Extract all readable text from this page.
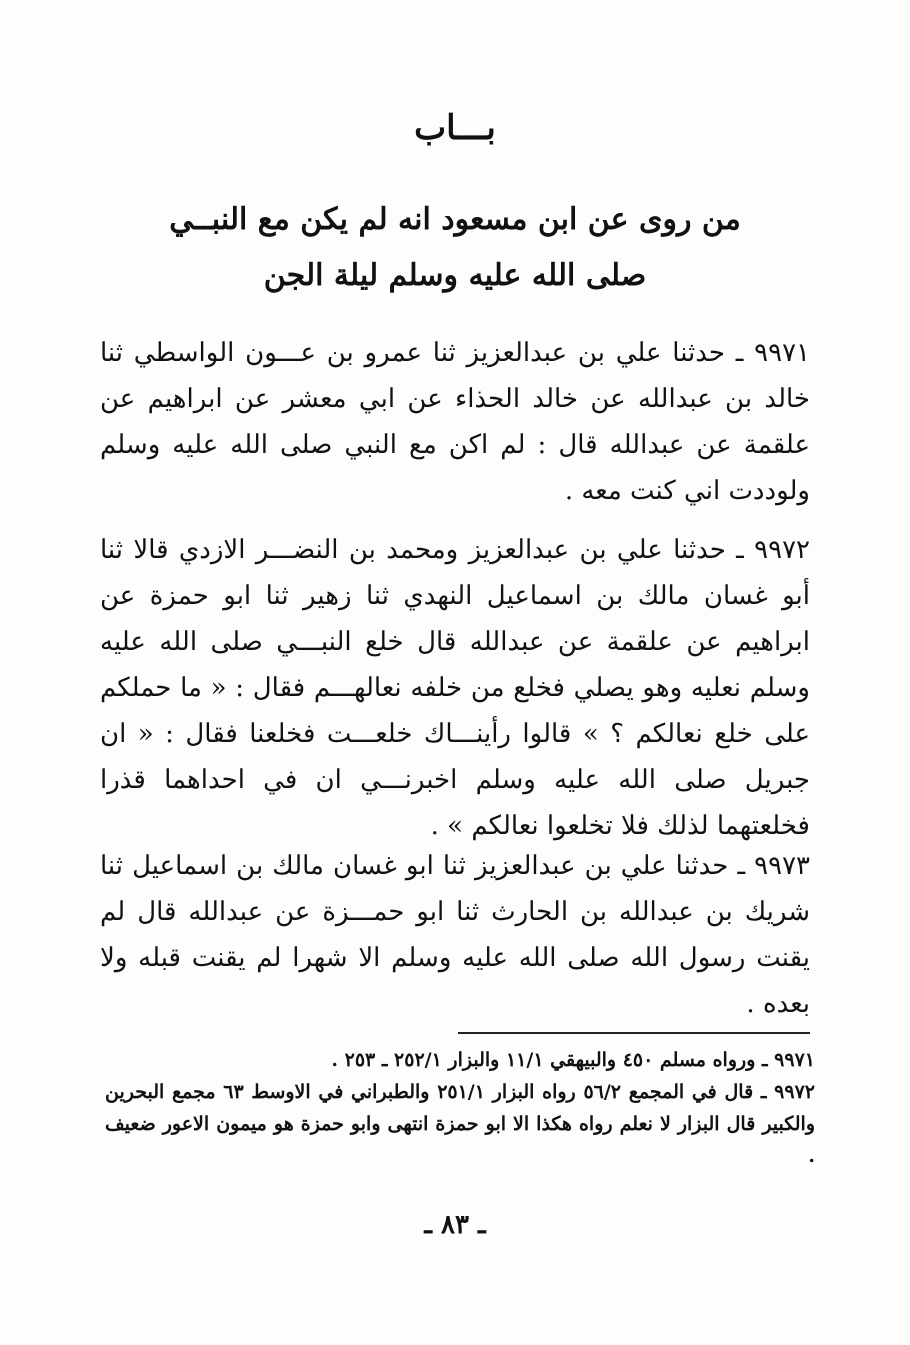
بـــاب
من روى عن ابن مسعود انه لم يكن مع النبــي
صلى الله عليه وسلم ليلة الجن
٩٩٧١ ـ حدثنا علي بن عبدالعزيز ثنا عمرو بن عـــون الواسطي ثنا خالد بن عبدالله عن خالد الحذاء عن ابي معشر عن ابراهيم عن علقمة عن عبدالله قال : لم اكن مع النبي صلى الله عليه وسلم ولوددت اني كنت معه .
٩٩٧٢ ـ حدثنا علي بن عبدالعزيز ومحمد بن النضـــر الازدي قالا ثنا أبو غسان مالك بن اسماعيل النهدي ثنا زهير ثنا ابو حمزة عن ابراهيم عن علقمة عن عبدالله قال خلع النبـــي صلى الله عليه وسلم نعليه وهو يصلي فخلع من خلفه نعالهـــم فقال : « ما حملكم على خلع نعالكم ؟ » قالوا رأينـــاك خلعـــت فخلعنا فقال : « ان جبريل صلى الله عليه وسلم اخبرنـــي ان في احداهما قذرا فخلعتهما لذلك فلا تخلعوا نعالكم » .
٩٩٧٣ ـ حدثنا علي بن عبدالعزيز ثنا ابو غسان مالك بن اسماعيل ثنا شريك بن عبدالله بن الحارث ثنا ابو حمـــزة عن عبدالله قال لم يقنت رسول الله صلى الله عليه وسلم الا شهرا لم يقنت قبله ولا بعده .

٩٩٧١ ـ ورواه مسلم ٤٥٠ والبيهقي ١١/١ والبزار ٢٥٢/١ ـ ٢٥٣ .

٩٩٧٢ ـ قال في المجمع ٥٦/٢ رواه البزار ٢٥١/١ والطبراني في الاوسط ٦٣ مجمع البحرين والكبير قال البزار لا نعلم رواه هكذا الا ابو حمزة انتهى وابو حمزة هو ميمون الاعور ضعيف .

ـ ٨٣ ـ
